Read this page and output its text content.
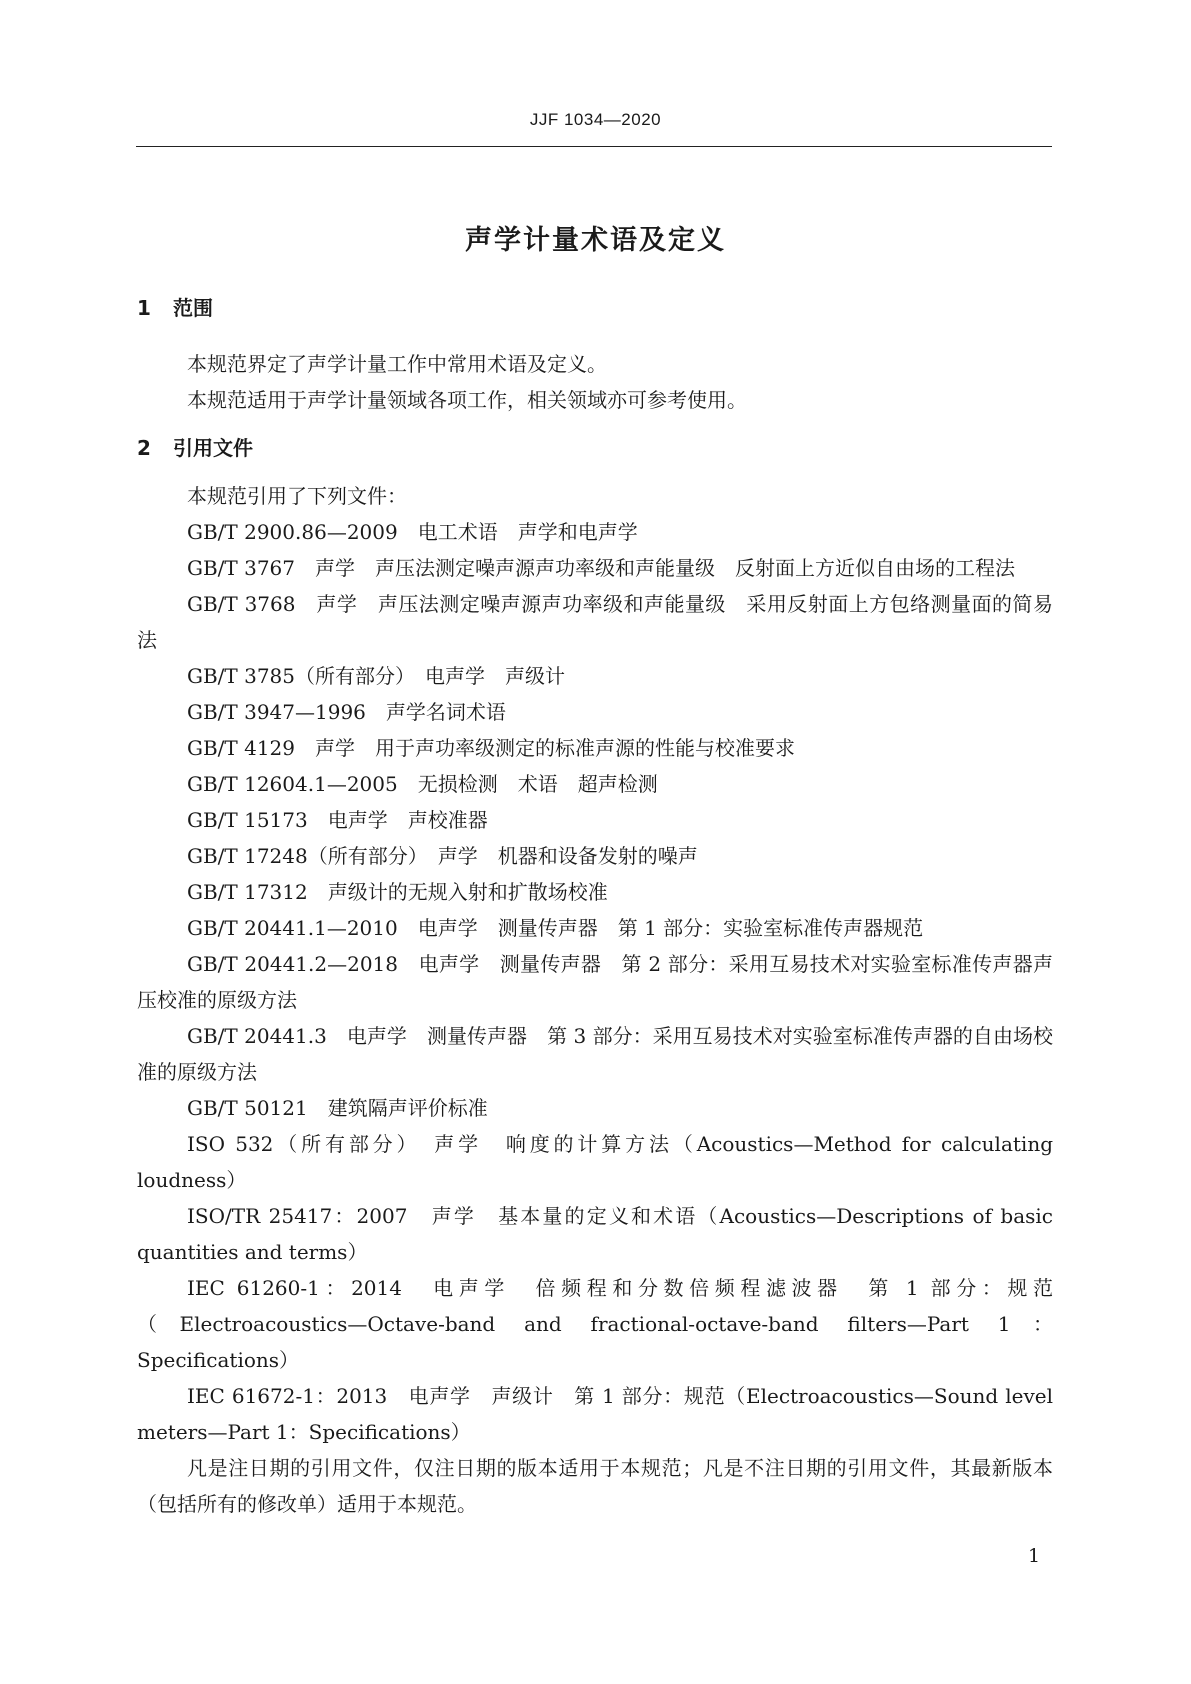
JJF 1034—2020
声学计量术语及定义
1 范围

本规范界定了声学计量工作中常用术语及定义。

本规范适用于声学计量领域各项工作，相关领域亦可参考使用。

2 引用文件

本规范引用了下列文件：

GB/T 2900.86—2009　电工术语　声学和电声学

GB/T 3767　声学　声压法测定噪声源声功率级和声能量级　反射面上方近似自由场的工程法

GB/T 3768　声学　声压法测定噪声源声功率级和声能量级　采用反射面上方包络测量面的简易法

GB/T 3785（所有部分）　电声学　声级计

GB/T 3947—1996　声学名词术语

GB/T 4129　声学　用于声功率级测定的标准声源的性能与校准要求

GB/T 12604.1—2005　无损检测　术语　超声检测

GB/T 15173　电声学　声校准器

GB/T 17248（所有部分）　声学　机器和设备发射的噪声

GB/T 17312　声级计的无规入射和扩散场校准

GB/T 20441.1—2010　电声学　测量传声器　第 1 部分：实验室标准传声器规范

GB/T 20441.2—2018　电声学　测量传声器　第 2 部分：采用互易技术对实验室标准传声器声压校准的原级方法

GB/T 20441.3　电声学　测量传声器　第 3 部分：采用互易技术对实验室标准传声器的自由场校准的原级方法

GB/T 50121　建筑隔声评价标准

ISO 532（所有部分）　声学　响度的计算方法（Acoustics—Method for calculating loudness）

ISO/TR 25417：2007　声学　基本量的定义和术语（Acoustics—Descriptions of basic quantities and terms）

IEC 61260-1：2014　电声学　倍频程和分数倍频程滤波器　第 1 部分：规范（Electroacoustics—Octave-band and fractional-octave-band filters—Part 1：Specifications）

IEC 61672-1：2013　电声学　声级计　第 1 部分：规范（Electroacoustics—Sound level meters—Part 1：Specifications）

凡是注日期的引用文件，仅注日期的版本适用于本规范；凡是不注日期的引用文件，其最新版本（包括所有的修改单）适用于本规范。

1
